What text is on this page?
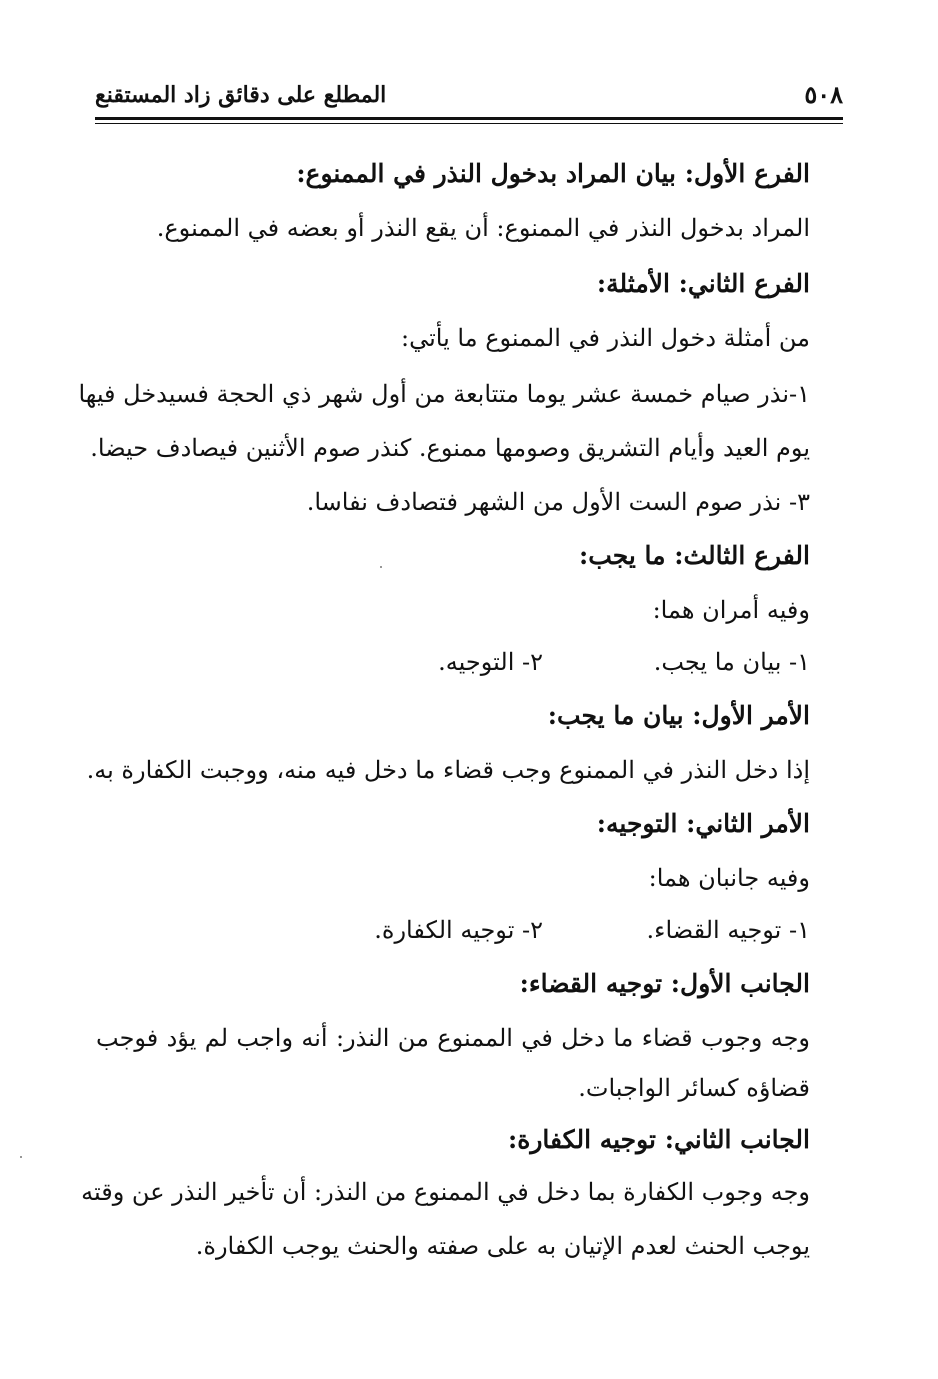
٥٠٨
المطلع على دقائق زاد المستقنع
الفرع الأول: بيان المراد بدخول النذر في الممنوع:
المراد بدخول النذر في الممنوع: أن يقع النذر أو بعضه في الممنوع.
الفرع الثاني: الأمثلة:
من أمثلة دخول النذر في الممنوع ما يأتي:
١-نذر صيام خمسة عشر يوما متتابعة من أول شهر ذي الحجة فسيدخل فيها
يوم العيد وأيام التشريق وصومها ممنوع. كنذر صوم الأثنين فيصادف حيضا.
٣- نذر صوم الست الأول من الشهر فتصادف نفاسا.
الفرع الثالث: ما يجب:
وفيه أمران هما:
١- بيان ما يجب.
٢- التوجيه.
الأمر الأول: بيان ما يجب:
إذا دخل النذر في الممنوع وجب قضاء ما دخل فيه منه، ووجبت الكفارة به.
الأمر الثاني: التوجيه:
وفيه جانبان هما:
١- توجيه القضاء.
٢- توجيه الكفارة.
الجانب الأول: توجيه القضاء:
وجه وجوب قضاء ما دخل في الممنوع من النذر: أنه واجب لم يؤد فوجب
قضاؤه كسائر الواجبات.
الجانب الثاني: توجيه الكفارة:
وجه وجوب الكفارة بما دخل في الممنوع من النذر: أن تأخير النذر عن وقته
يوجب الحنث لعدم الإتيان به على صفته والحنث يوجب الكفارة.
